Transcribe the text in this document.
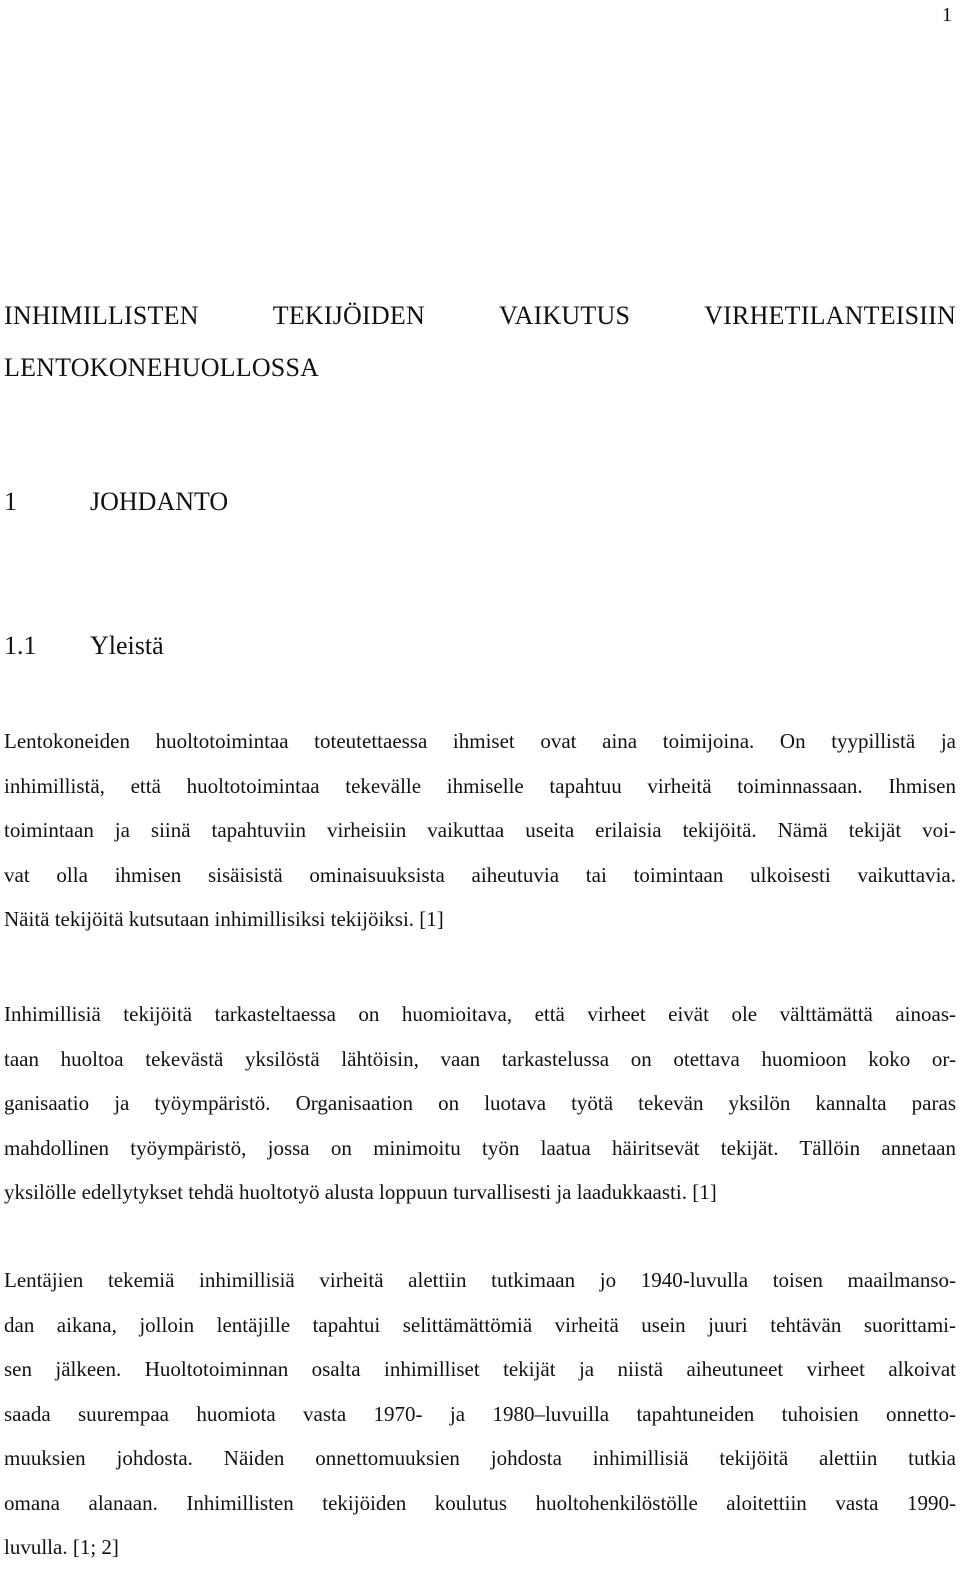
1
INHIMILLISTEN TEKIJÖIDEN VAIKUTUS VIRHETILANTEISIIN
LENTOKONEHUOLLOSSA
1	JOHDANTO
1.1	Yleistä
Lentokoneiden huoltotoimintaa toteutettaessa ihmiset ovat aina toimijoina. On tyypillistä ja
inhimillistä, että huoltotoimintaa tekevälle ihmiselle tapahtuu virheitä toiminnassaan. Ihmisen
toimintaan ja siinä tapahtuviin virheisiin vaikuttaa useita erilaisia tekijöitä. Nämä tekijät voi-
vat olla ihmisen sisäisistä ominaisuuksista aiheutuvia tai toimintaan ulkoisesti vaikuttavia.
Näitä tekijöitä kutsutaan inhimillisiksi tekijöiksi. [1]
Inhimillisiä tekijöitä tarkasteltaessa on huomioitava, että virheet eivät ole välttämättä ainoas-
taan huoltoa tekevästä yksilöstä lähtöisin, vaan tarkastelussa on otettava huomioon koko or-
ganisaatio ja työympäristö. Organisaation on luotava työtä tekevän yksilön kannalta paras
mahdollinen työympäristö, jossa on minimoitu työn laatua häiritsevät tekijät. Tällöin annetaan
yksilölle edellytykset tehdä huoltotyö alusta loppuun turvallisesti ja laadukkaasti. [1]
Lentäjien tekemiä inhimillisiä virheitä alettiin tutkimaan jo 1940-luvulla toisen maailmanso-
dan aikana, jolloin lentäjille tapahtui selittämättömiä virheitä usein juuri tehtävän suorittami-
sen jälkeen. Huoltotoiminnan osalta inhimilliset tekijät ja niistä aiheutuneet virheet alkoivat
saada suurempaa huomiota vasta 1970- ja 1980–luvuilla tapahtuneiden tuhoisien onnetto-
muuksien johdosta. Näiden onnettomuuksien johdosta inhimillisiä tekijöitä alettiin tutkia
omana alanaan. Inhimillisten tekijöiden koulutus huoltohenkilöstölle aloitettiin vasta 1990-
luvulla. [1; 2]
